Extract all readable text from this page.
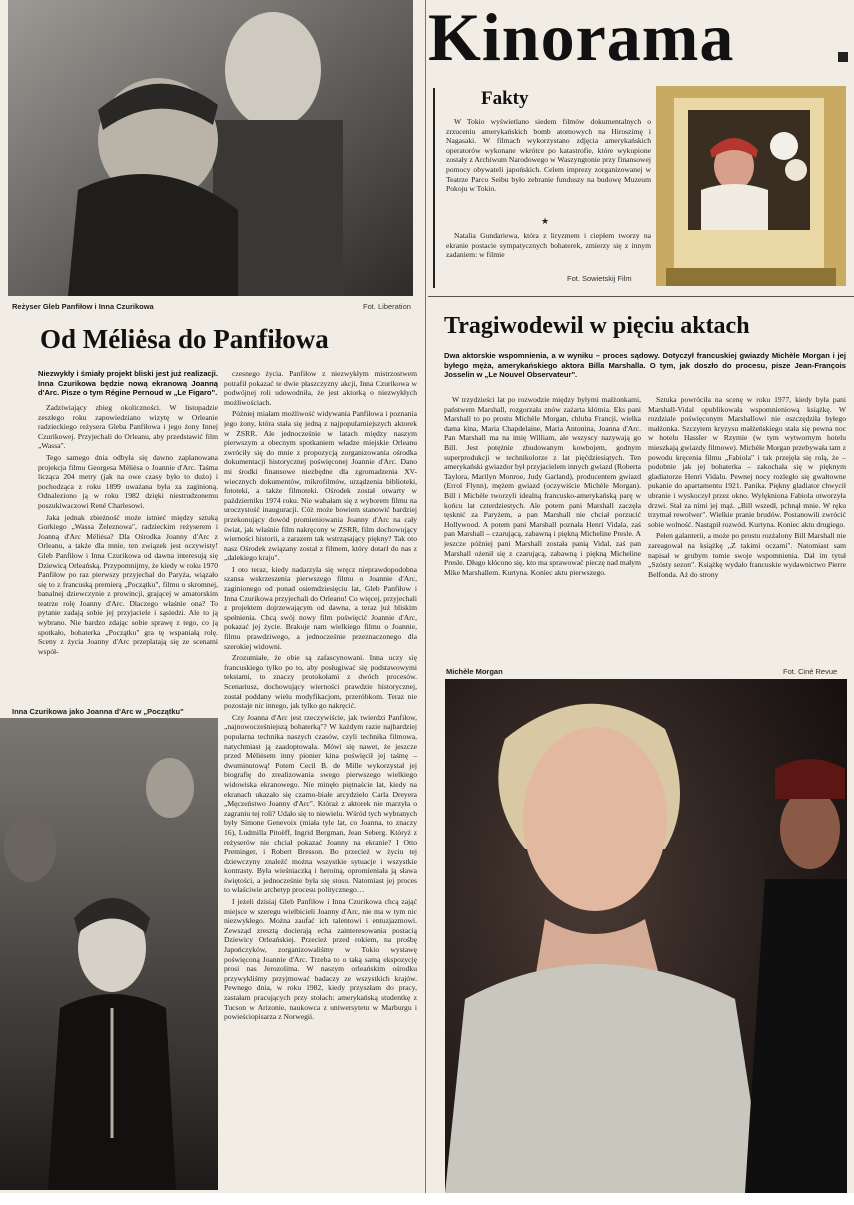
Reżyser Gleb Panfiłow i Inna Czurikowa	Fot. Liberation
Kinorama
Fakty

W Tokio wyświetlano siedem filmów dokumentalnych o zrzuceniu amerykańskich bomb atomowych na Hiroszimę i Nagasaki. W filmach wykorzystano zdjęcia amerykańskich operatorów wykonane wkrótce po katastrofie, które wykupione zostały z Archiwum Narodowego w Waszyngtonie przy finansowej pomocy obywateli japońskich. Celem imprezy zorganizowanej w Teatrze Parco Seibu było zebranie funduszy na budowę Muzeum Pokoju w Tokio.

★

Natalia Gundariewa, która z liryzmem i ciepłem tworzy na ekranie postacie sympatycznych bohaterek, zmierzy się z innym zadaniem: w filmie

Fot. Sowietskij Film
Od Méliėsa do Panfiłowa
Niezwykły i śmiały projekt bliski jest już realizacji. Inna Czurikowa będzie nową ekranową Joanną d'Arc. Pisze o tym Régine Pernoud w „Le Figaro".

Zadziwiający zbieg okoliczności. W listopadzie zeszłego roku zapowiedziano wizytę w Orleanie radzieckiego reżysera Gleba Panfiłowa i jego żony Innej Czurikowej. Przyjechali do Orleanu, aby przedstawić film „Wassa".

Tego samego dnia odbyła się dawno zaplanowana projekcja filmu Georgesa Méliėsa o Joannie d'Arc. Taśma licząca 204 metry (jak na owe czasy było to dużo) i pochodząca z roku 1899 uważana była za zaginioną. Odnaleziono ją w roku 1982 dzięki niestrudzonemu poszukiwaczowi René Charlesowi.

Jaka jednak zbieżność może istnieć między sztuką Gorkiego „Wassa Żeleznowa", radzieckim reżyserem i Joanną d'Arc Méliėsa? Dla Ośrodka Joanny d'Arc z Orleanu, a także dla mnie, ten związek jest oczywisty! Gleb Panfiłow i Inna Czurikowa od dawna interesują się Dziewicą Orleańską. Przypomnijmy, że kiedy w roku 1970 Panfiłow po raz pierwszy przyjechał do Paryża, wiązało się to z francuską premierą „Początku", filmu o skromnej, banalnej dziewczynie z prowincji, grającej w amatorskim teatrze rolę Joanny d'Arc. Dlaczego właśnie ona? To pytanie zadają sobie jej przyjaciele i sąsiedzi. Ale to ją wybrano. Nie bardzo zdając sobie sprawę z tego, co ją spotkało, bohaterka „Początku" gra tę wspaniałą rolę. Sceny z życia Joanny d'Arc przeplatają się ze scenami współ-

czesnego życia. Panfiłow z niezwykłym mistrzostwem potrafił pokazać te dwie płaszczyzny akcji, Inna Czurikowa w podwójnej roli udowodniła, że jest aktorką o niezwykłych możliwościach.

Później miałam możliwość widywania Panfiłowa i poznania jego żony, która stała się jedną z najpopularniejszych aktorek w ZSRR. Ale jednocześnie w latach między naszym pierwszym a obecnym spotkaniem władze miejskie Orleanu zwróciły się do mnie z propozycją zorganizowania ośrodka dokumentacji historycznej poświęconej Joannie d'Arc. Dano mi środki finansowe niezbędne dla zgromadzenia XV-wiecznych dokumentów, mikrofilmów, urządzenia biblioteki, fototeki, a także filmoteki. Ośrodek został otwarty w październiku 1974 roku. Nie wahałam się z wyborem filmu na uroczystość inauguracji. Cóż może bowiem stanowić bardziej przekonujący dowód promieniowania Joanny d'Arc na cały świat, jak właśnie film nakręcony w ZSRR, film dochowujący wierności historii, a zarazem tak wstrząsający piękny? Tak oto nasz Ośrodek związany został z filmem, który dotarł do nas z „dalekiego kraju".

I oto teraz, kiedy nadarzyła się wręcz nieprawdopodobna szansa wskrzeszenia pierwszego filmu o Joannie d'Arc, zaginionego od ponad osiemdziesięciu lat, Gleb Panfiłow i Inna Czurikowa przyjechali do Orleanu! Co więcej, przyjechali z projektem dojrzewającym od dawna, a teraz już bliskim spełnienia. Chcą swój nowy film poświęcić Joannie d'Arc, pokazać jej życie. Brakuje nam wielkiego filmu o Joannie, filmu prawdziwego, a jednocześnie przeznaczonego dla szerokiej widowni.

Zrozumiałe, że obie są zafascynowani. Inna uczy się francuskiego tylko po to, aby posługiwać się podstawowymi tekstami, to znaczy protokołami z dwóch procesów. Scenariusz, dochowujący wierności prawdzie historycznej, został poddany wielu modyfikacjom, przeróbkom. Teraz nie pozostaje nic innego, jak tylko go nakręcić.

Czy Joanna d'Arc jest rzeczywiście, jak twierdzi Panfiłow, „najnowocześniejszą bohaterką"? W każdym razie najbardziej popularna technika naszych czasów, czyli technika filmowa, natychmiast ją zaadoptowała. Mówi się nawet, że jeszcze przed Méliėsem inny pionier kina poświęcił jej taśmę – dwuminutową! Potem Cecil B. de Mille wykorzystał jej biografię do zrealizowania swego pierwszego wielkiego widowiska ekranowego. Nie minęło piętnaście lat, kiedy na ekranach ukazało się czarno-białe arcydzieło Carla Dreyera „Męczeństwo Joanny d'Arc". Któraż z aktorek nie marzyła o zagraniu tej roli? Udało się to niewielu. Wśród tych wybranych były Simone Genevoix (miała tyle lat, co Joanna, to znaczy 16), Ludmilla Pitoëff, Ingrid Bergman, Jean Seberg. Któryż z reżyserów nie chciał pokazać Joanny na ekranie? I Otto Preminger, i Robert Bresson. Bo przecież w życiu tej dziewczyny znaleźć można wszystkie sytuacje i wszystkie kontrasty. Była wieśniaczką i heroiną, opromieniała ją sława świętości, a jednocześnie była się stosu. Natomiast jej proces to właściwie archetyp procesu politycznego…

I jeżeli dzisiaj Gleb Panfiłow i Inna Czurikowa chcą zająć miejsce w szeregu wielbicieli Joanny d'Arc, nie ma w tym nic niezwykłego. Można zaufać ich talentowi i entuzjazmowi. Zewsząd zresztą docierają echa zainteresowania postacią Dziewicy Orleańskiej. Przecież przed rokiem, na prośbę Japończyków, zorganizowaliśmy w Tokio wystawę poświęconą Joannie d'Arc. Trzeba to o taką samą ekspozycję prosi nas Jerozolima. W naszym orleańskim ośrodku przywykliśmy przyjmować badaczy ze wszystkich krajów. Pewnego dnia, w roku 1982, kiedy przyszłam do pracy, zastałam pracujących przy stołach: amerykańską studentkę z Tucson w Arizonie, naukowca z uniwersytetu w Marburgu i powieściopisarza z Norwegii.

Inna Czurikowa jako Joanna d'Arc w „Początku"
Tragiwodewil w pięciu aktach
Dwa aktorskie wspomnienia, a w wyniku – proces sądowy. Dotyczył francuskiej gwiazdy Michèle Morgan i jej byłego męża, amerykańskiego aktora Billa Marshalla. O tym, jak doszło do procesu, pisze Jean-François Josselin w „Le Nouvel Observateur".

W trzydzieści lat po rozwodzie między byłymi małżonkami, państwem Marshall, rozgorzała znów zażarta kłótnia. Eks pani Marshall to po prostu Michèle Morgan, chluba Francji, wielka dama kina, Maria Chapdelaine, Maria Antonina, Joanna d'Arc. Pan Marshall ma na imię William, ale wszyscy nazywają go Bill. Jest potężnie zbudowanym kowbojem, godnym superprodukcji w technikolorze z lat pięćdziesiątych. Ten amerykański gwiazdor był przyjacielem innych gwiazd (Roberta Taylora, Marilyn Monroe, Judy Garland), producentem gwiazd (Errol Flynn), mężem gwiazd (oczywiście Michèle Morgan). Bill i Michèle tworzyli idealną francusko-amerykańską parę w końcu lat czterdziestych. Ale potem pani Marshall zaczęła tęsknić za Paryżem, a pan Marshall nie chciał porzucić Hollywood. A potem pani Marshall poznała Henri Vidala, zaś pan Marshall – czarującą, zabawną i piękną Micheline Presle. A jeszcze później pani Marshall została panią Vidal, zaś pan Marshall ożenił się z czarującą, zabawną i piękną Micheline Presle. Długo kłócono się, kto ma sprawować pieczę nad małym Mike Marshallem. Kurtyna. Koniec aktu pierwszego.

Sztuka powróciła na scenę w roku 1977, kiedy była pani Marshall-Vidal opublikowała wspomnieniową książkę. W rozdziale poświęconym Marshallowi nie oszczędziła byłego małżonka. Szczytem kryzysu małżeńskiego stała się pewna noc w hotelu Hassler w Rzymie (w tym wytwornym hotelu mieszkają gwiazdy filmowe). Michèle Morgan przebywała tam z powodu kręcenia filmu „Fabiola" i tak przejęła się rolą, że – podobnie jak jej bohaterka – zakochała się w pięknym gladiatorze Henri Vidalu. Pewnej nocy rozległo się gwałtowne pukanie do apartamentu 1921. Panika. Piękny gladiator chwycił ubranie i wyskoczył przez okno. Wylęknionа Fabiola otworzyła drzwi. Stał za nimi jej mąż. „Bill wszedł, pchnął mnie. W ręku trzymał rewolwer". Wielkie pranie brudów. Postanowili zwrócić sobie wolność. Nastąpił rozwód. Kurtyna. Koniec aktu drugiego.

Pełen galanterii, a może po prostu rozżalony Bill Marshall nie zareagował na książkę „Z takimi oczami". Natomiast sam napisał w grubym tomie swoje wspomnienia. Dał im tytuł „Szósty sezon". Książkę wydało francuskie wydawnictwo Pierre Belfonda. Aż do strony

Michèle Morgan	Fot. Ciné Revue
